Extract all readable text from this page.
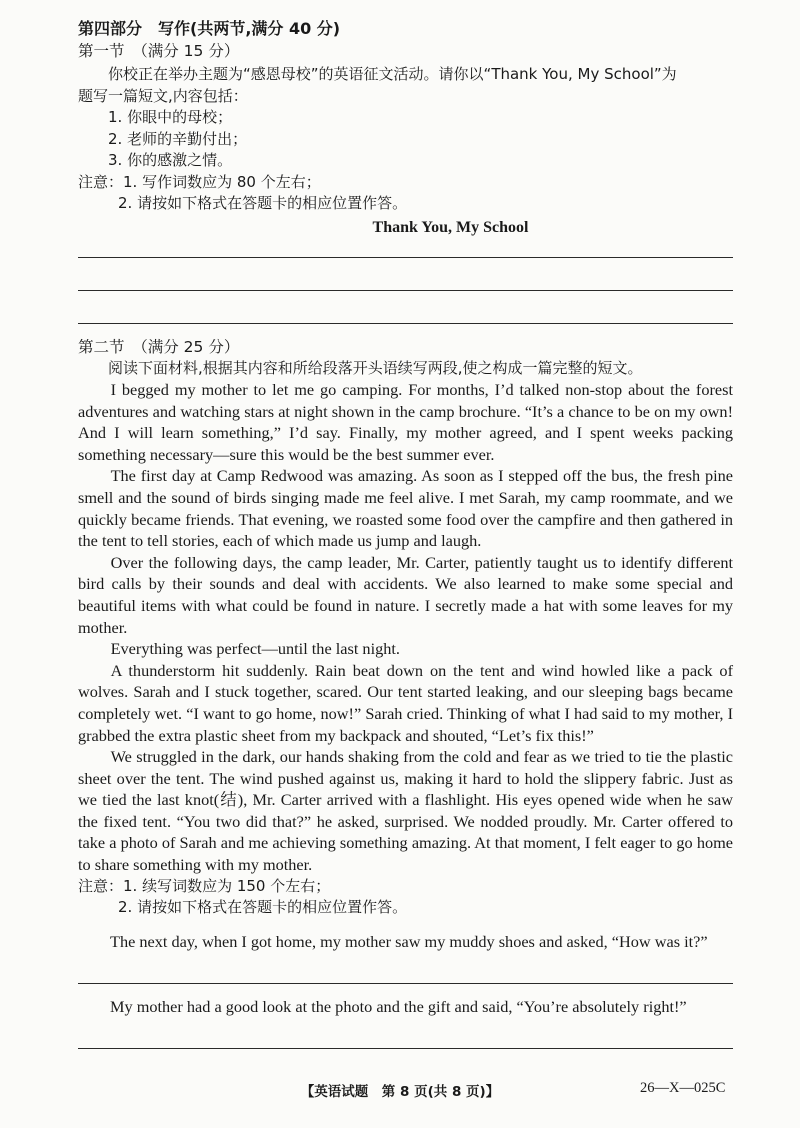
第四部分　写作(共两节,满分 40 分)
第一节　（满分 15 分）
你校正在举办主题为“感恩母校”的英语征文活动。请你以“Thank You, My School”为
题写一篇短文,内容包括：
1. 你眼中的母校；
2. 老师的辛勤付出；
3. 你的感激之情。
注意：1. 写作词数应为 80 个左右；
2. 请按如下格式在答题卡的相应位置作答。
Thank You, My School
第二节　（满分 25 分）
阅读下面材料,根据其内容和所给段落开头语续写两段,使之构成一篇完整的短文。

I begged my mother to let me go camping. For months, I’d talked non-stop about the forest adventures and watching stars at night shown in the camp brochure. “It’s a chance to be on my own! And I will learn something,” I’d say. Finally, my mother agreed, and I spent weeks packing something necessary—sure this would be the best summer ever.

The first day at Camp Redwood was amazing. As soon as I stepped off the bus, the fresh pine smell and the sound of birds singing made me feel alive. I met Sarah, my camp roommate, and we quickly became friends. That evening, we roasted some food over the campfire and then gathered in the tent to tell stories, each of which made us jump and laugh.

Over the following days, the camp leader, Mr. Carter, patiently taught us to identify different bird calls by their sounds and deal with accidents. We also learned to make some special and beautiful items with what could be found in nature. I secretly made a hat with some leaves for my mother.

Everything was perfect—until the last night.

A thunderstorm hit suddenly. Rain beat down on the tent and wind howled like a pack of wolves. Sarah and I stuck together, scared. Our tent started leaking, and our sleeping bags became completely wet. “I want to go home, now!” Sarah cried. Thinking of what I had said to my mother, I grabbed the extra plastic sheet from my backpack and shouted, “Let’s fix this!”

We struggled in the dark, our hands shaking from the cold and fear as we tried to tie the plastic sheet over the tent. The wind pushed against us, making it hard to hold the slippery fabric. Just as we tied the last knot(结), Mr. Carter arrived with a flashlight. His eyes opened wide when he saw the fixed tent. “You two did that?” he asked, surprised. We nodded proudly. Mr. Carter offered to take a photo of Sarah and me achieving something amazing. At that moment, I felt eager to go home to share something with my mother.

注意：1. 续写词数应为 150 个左右；
2. 请按如下格式在答题卡的相应位置作答。
The next day, when I got home, my mother saw my muddy shoes and asked, “How was it?”
My mother had a good look at the photo and the gift and said, “You’re absolutely right!”
【英语试题　第 8 页(共 8 页)】	26—X—025C
